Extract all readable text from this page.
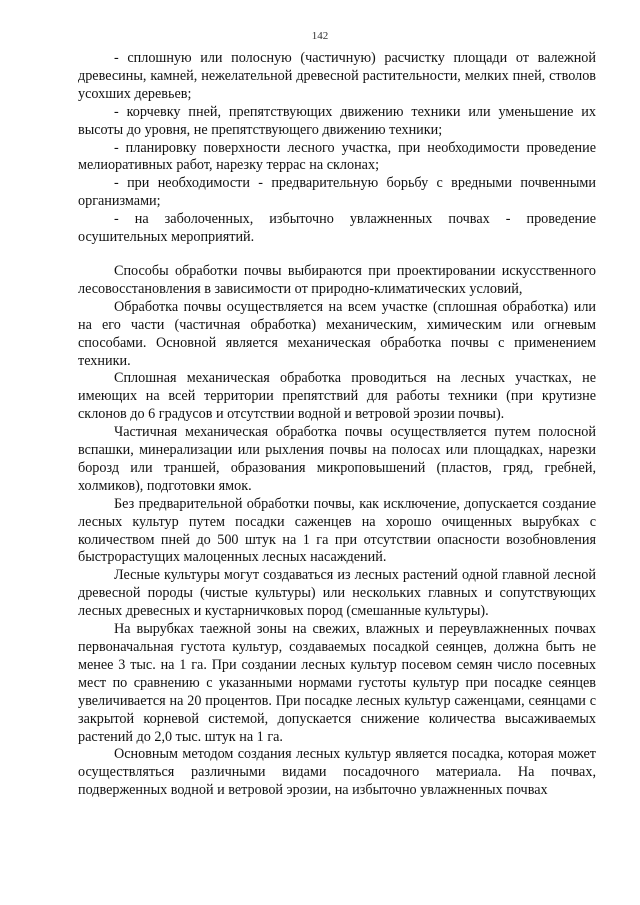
142

- сплошную или полосную (частичную) расчистку площади от валежной древесины, камней, нежелательной древесной растительности, мелких пней, стволов усохших деревьев;

- корчевку пней, препятствующих движению техники или уменьшение их высоты до уровня, не препятствующего движению техники;

- планировку поверхности лесного участка, при необходимости проведение мелиоративных работ, нарезку террас на склонах;

- при необходимости - предварительную борьбу с вредными почвенными организмами;

- на заболоченных, избыточно увлажненных почвах - проведение осушительных мероприятий.

Способы обработки почвы выбираются при проектировании искусственного лесовосстановления в зависимости от природно-климатических условий,

Обработка почвы осуществляется на всем участке (сплошная обработка) или на его части (частичная обработка) механическим, химическим или огневым способами. Основной является механическая обработка почвы с применением техники.

Сплошная механическая обработка проводиться на лесных участках, не имеющих на всей территории препятствий для работы техники (при крутизне склонов до 6 градусов и отсутствии водной и ветровой эрозии почвы).

Частичная механическая обработка почвы осуществляется путем полосной вспашки, минерализации или рыхления почвы на полосах или площадках, нарезки борозд или траншей, образования микроповышений (пластов, гряд, гребней, холмиков), подготовки ямок.

Без предварительной обработки почвы, как исключение, допускается создание лесных культур путем посадки саженцев на хорошо очищенных вырубках с количеством пней до 500 штук на 1 га при отсутствии опасности возобновления быстрорастущих малоценных лесных насаждений.

Лесные культуры могут создаваться из лесных растений одной главной лесной древесной породы (чистые культуры) или нескольких главных и сопутствующих лесных древесных и кустарничковых пород (смешанные культуры).

На вырубках таежной зоны на свежих, влажных и переувлажненных почвах первоначальная густота культур, создаваемых посадкой сеянцев, должна быть не менее 3 тыс. на 1 га. При создании лесных культур посевом семян число посевных мест по сравнению с указанными нормами густоты культур при посадке сеянцев увеличивается на 20 процентов. При посадке лесных культур саженцами, сеянцами с закрытой корневой системой, допускается снижение количества высаживаемых растений до 2,0 тыс. штук на 1 га.

Основным методом создания лесных культур является посадка, которая может осуществляться различными видами посадочного материала. На почвах, подверженных водной и ветровой эрозии, на избыточно увлажненных почвах
